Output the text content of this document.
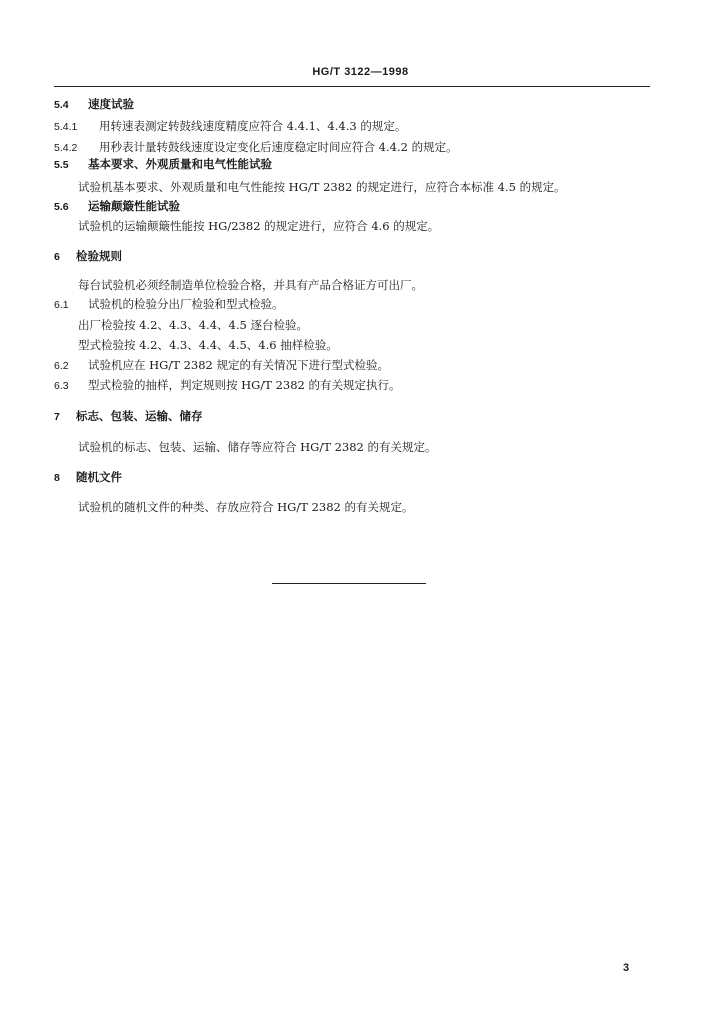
HG/T 3122—1998
5.4 速度试验
5.4.1 用转速表测定转鼓线速度精度应符合 4.4.1、4.4.3 的规定。
5.4.2 用秒表计量转鼓线速度设定变化后速度稳定时间应符合 4.4.2 的规定。
5.5 基本要求、外观质量和电气性能试验
试验机基本要求、外观质量和电气性能按 HG/T 2382 的规定进行，应符合本标准 4.5 的规定。
5.6 运输颠簸性能试验
试验机的运输颠簸性能按 HG/2382 的规定进行，应符合 4.6 的规定。
6 检验规则
每台试验机必须经制造单位检验合格，并具有产品合格证方可出厂。
6.1 试验机的检验分出厂检验和型式检验。
出厂检验按 4.2、4.3、4.4、4.5 逐台检验。
型式检验按 4.2、4.3、4.4、4.5、4.6 抽样检验。
6.2 试验机应在 HG/T 2382 规定的有关情况下进行型式检验。
6.3 型式检验的抽样，判定规则按 HG/T 2382 的有关规定执行。
7 标志、包装、运输、储存
试验机的标志、包装、运输、储存等应符合 HG/T 2382 的有关规定。
8 随机文件
试验机的随机文件的种类、存放应符合 HG/T 2382 的有关规定。
3
